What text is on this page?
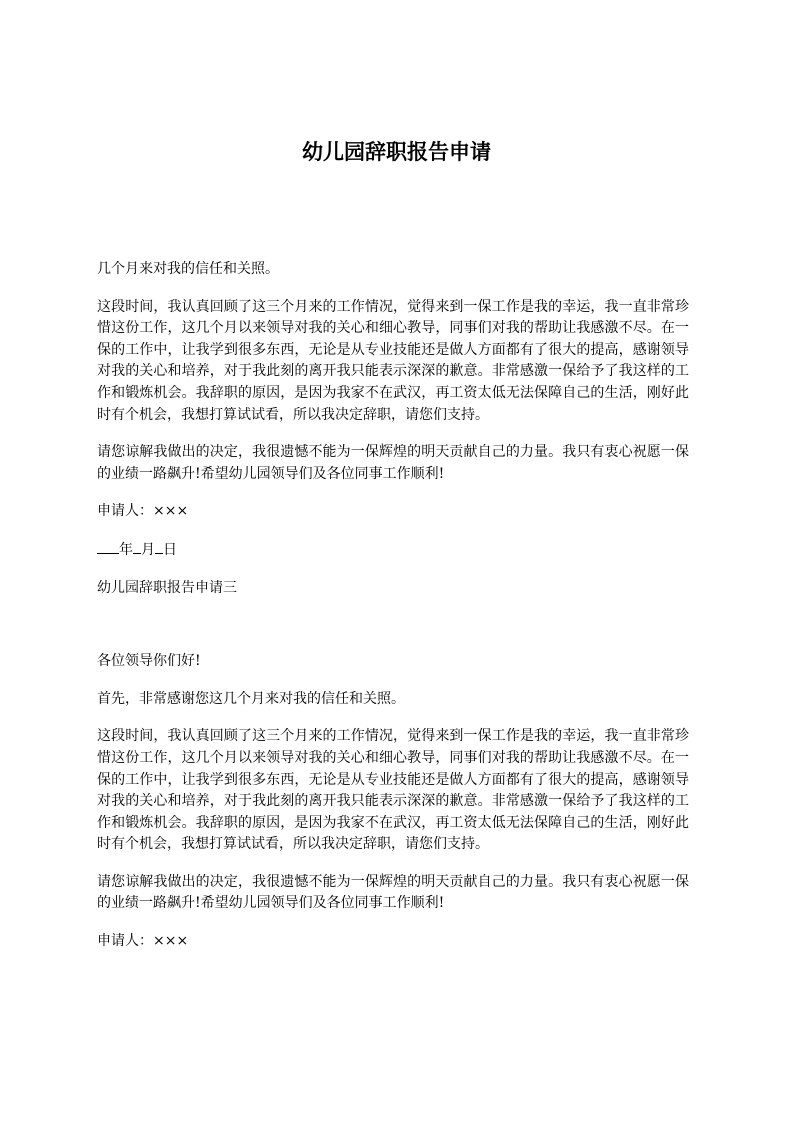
幼儿园辞职报告申请

几个月来对我的信任和关照。

这段时间，我认真回顾了这三个月来的工作情况，觉得来到一保工作是我的幸运，我一直非常珍惜这份工作，这几个月以来领导对我的关心和细心教导，同事们对我的帮助让我感激不尽。在一保的工作中，让我学到很多东西，无论是从专业技能还是做人方面都有了很大的提高，感谢领导对我的关心和培养，对于我此刻的离开我只能表示深深的歉意。非常感激一保给予了我这样的工作和锻炼机会。我辞职的原因，是因为我家不在武汉，再工资太低无法保障自己的生活，刚好此时有个机会，我想打算试试看，所以我决定辞职，请您们支持。

请您谅解我做出的决定，我很遗憾不能为一保辉煌的明天贡献自己的力量。我只有衷心祝愿一保的业绩一路飙升!希望幼儿园领导们及各位同事工作顺利!

申请人：×××

年 月 日

幼儿园辞职报告申请三

各位领导你们好!

首先，非常感谢您这几个月来对我的信任和关照。

这段时间，我认真回顾了这三个月来的工作情况，觉得来到一保工作是我的幸运，我一直非常珍惜这份工作，这几个月以来领导对我的关心和细心教导，同事们对我的帮助让我感激不尽。在一保的工作中，让我学到很多东西，无论是从专业技能还是做人方面都有了很大的提高，感谢领导对我的关心和培养，对于我此刻的离开我只能表示深深的歉意。非常感激一保给予了我这样的工作和锻炼机会。我辞职的原因，是因为我家不在武汉，再工资太低无法保障自己的生活，刚好此时有个机会，我想打算试试看，所以我决定辞职，请您们支持。

请您谅解我做出的决定，我很遗憾不能为一保辉煌的明天贡献自己的力量。我只有衷心祝愿一保的业绩一路飙升!希望幼儿园领导们及各位同事工作顺利!

申请人：×××
